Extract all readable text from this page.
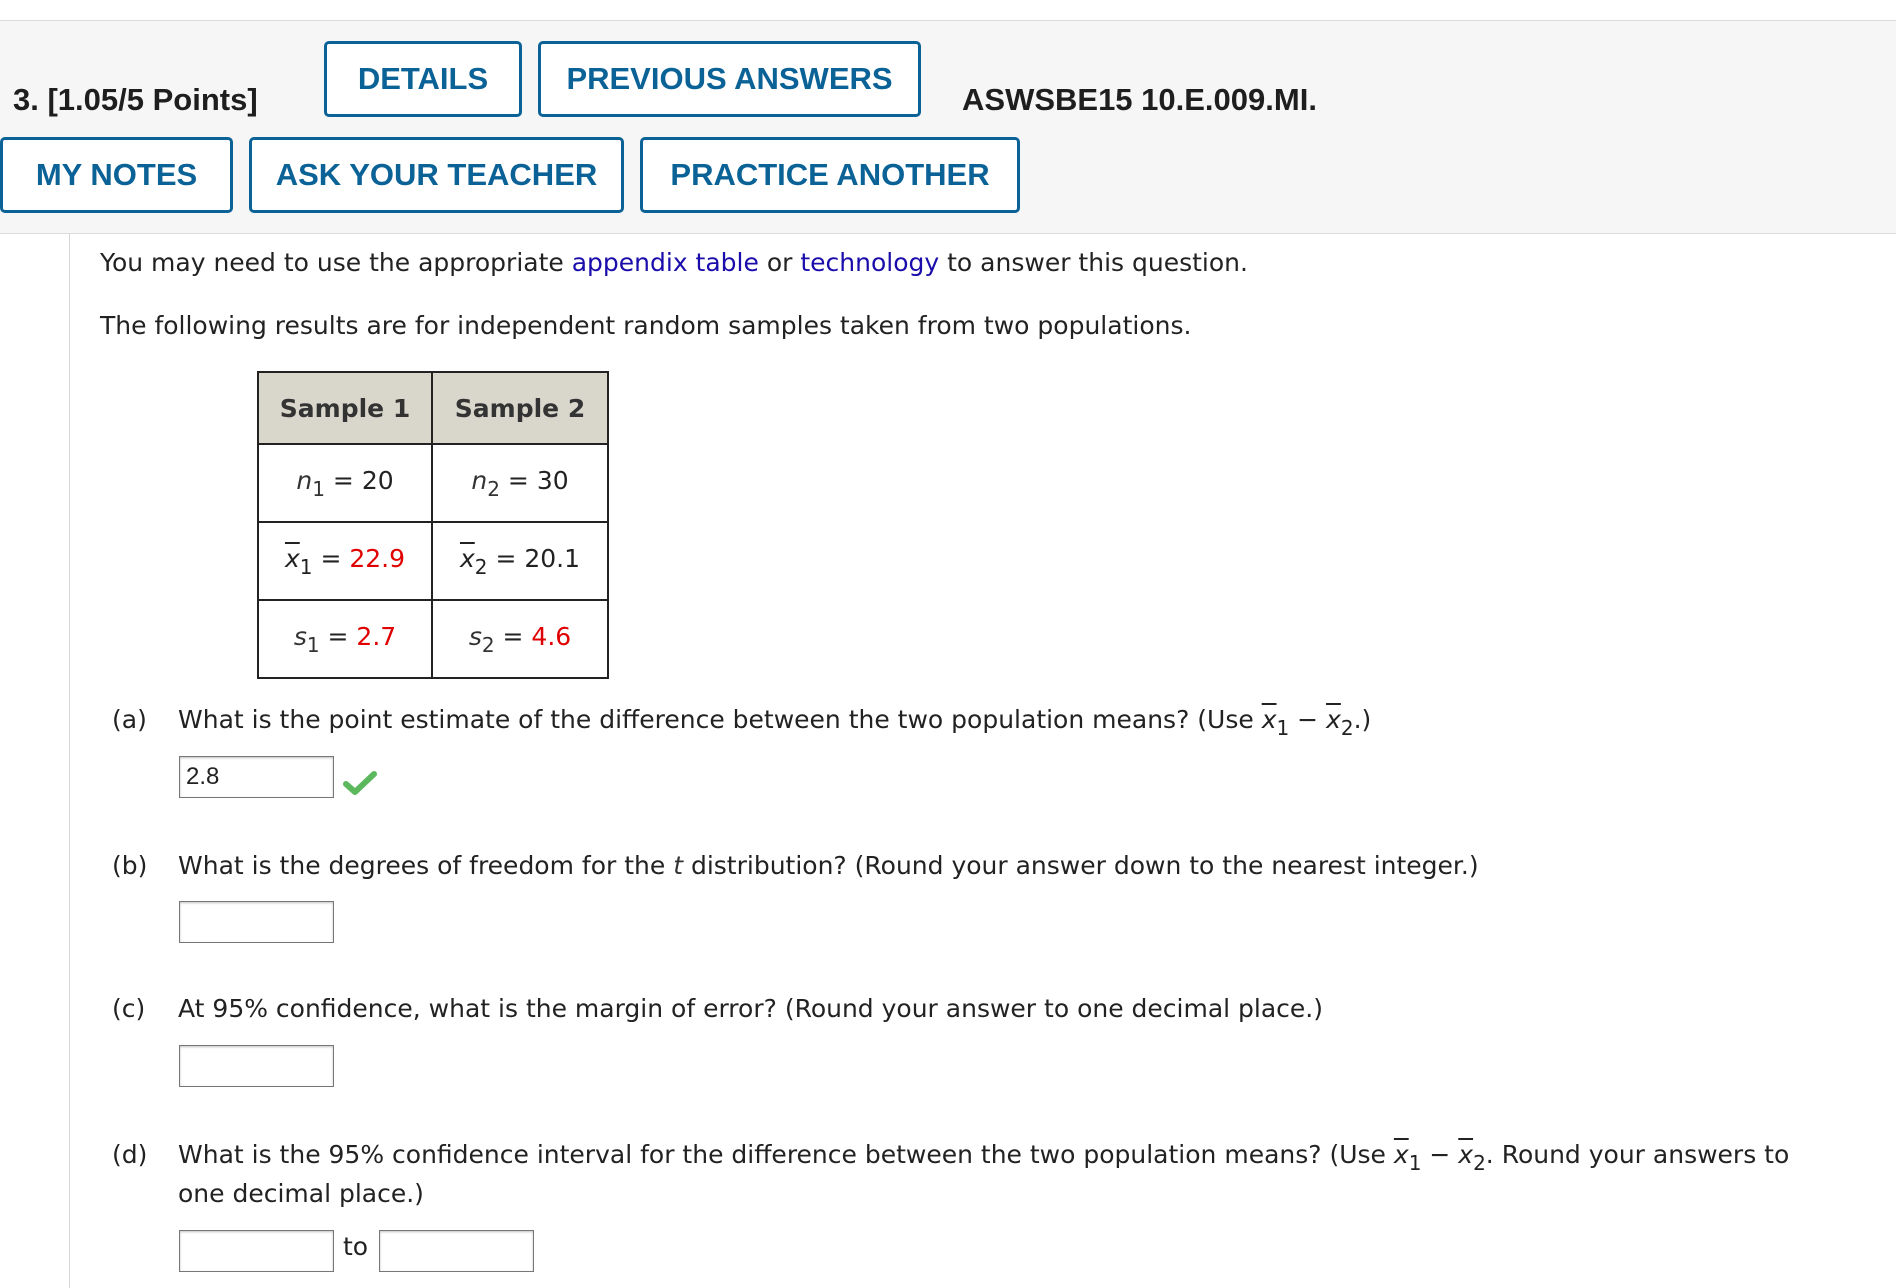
3. [1.05/5 Points]
DETAILS	PREVIOUS ANSWERS
ASWSBE15 10.E.009.MI.
MY NOTES	ASK YOUR TEACHER	PRACTICE ANOTHER
You may need to use the appropriate appendix table or technology to answer this question.
The following results are for independent random samples taken from two populations.
Sample 1	Sample 2
$n_1 = 20$	$n_2 = 30$
$\overline{x}_1 = 22.9$	$\overline{x}_2 = 20.1$
$s_1 = 2.7$	$s_2 = 4.6$
(a) What is the point estimate of the difference between the two population means? (Use $\overline{x}_1 - \overline{x}_2$.)
2.8
(b) What is the degrees of freedom for the t distribution? (Round your answer down to the nearest integer.)
(c) At 95% confidence, what is the margin of error? (Round your answer to one decimal place.)
(d) What is the 95% confidence interval for the difference between the two population means? (Use $\overline{x}_1 - \overline{x}_2$. Round your answers to
one decimal place.)
to
